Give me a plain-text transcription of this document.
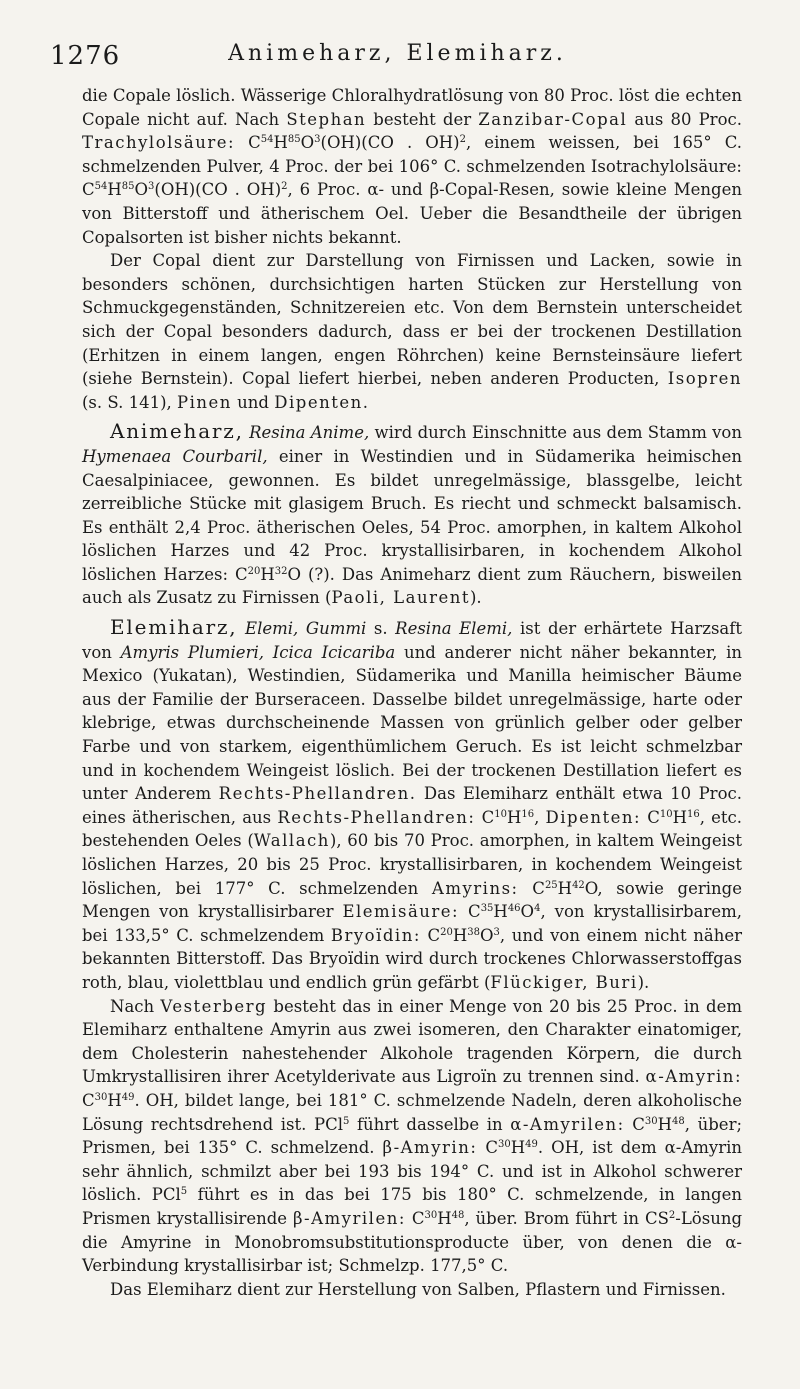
1276	Animeharz, Elemiharz.

die Copale löslich. Wässerige Chloralhydratlösung von 80 Proc. löst die echten Copale nicht auf. Nach Stephan besteht der Zanzibar-Copal aus 80 Proc. Trachylolsäure: $C^{54}H^{85}O^3(OH)(CO$ . OH)$^2$, einem weissen, bei 165° C. schmelzenden Pulver, 4 Proc. der bei 106° C. schmelzenden Isotrachylolsäure: $C^{54}H^{85}O^3(OH)(CO$ . OH)$^2$, 6 Proc. α- und β-Copal-Resen, sowie kleine Mengen von Bitterstoff und ätherischem Oel. Ueber die Besandtheile der übrigen Copalsorten ist bisher nichts bekannt.

Der Copal dient zur Darstellung von Firnissen und Lacken, sowie in besonders schönen, durchsichtigen harten Stücken zur Herstellung von Schmuckgegenständen, Schnitzereien etc. Von dem Bernstein unterscheidet sich der Copal besonders dadurch, dass er bei der trockenen Destillation (Erhitzen in einem langen, engen Röhrchen) keine Bernsteinsäure liefert (siehe Bernstein). Copal liefert hierbei, neben anderen Producten, Isopren (s. S. 141), Pinen und Dipenten.

Animeharz, Resina Anime, wird durch Einschnitte aus dem Stamm von Hymenaea Courbaril, einer in Westindien und in Südamerika heimischen Caesalpiniacee, gewonnen. Es bildet unregelmässige, blassgelbe, leicht zerreibliche Stücke mit glasigem Bruch. Es riecht und schmeckt balsamisch. Es enthält 2,4 Proc. ätherischen Oeles, 54 Proc. amorphen, in kaltem Alkohol löslichen Harzes und 42 Proc. krystallisirbaren, in kochendem Alkohol löslichen Harzes: $C^{20}H^{32}O$ (?). Das Animeharz dient zum Räuchern, bisweilen auch als Zusatz zu Firnissen (Paoli, Laurent).

Elemiharz, Elemi, Gummi s. Resina Elemi, ist der erhärtete Harzsaft von Amyris Plumieri, Icica Icicariba und anderer nicht näher bekannter, in Mexico (Yukatan), Westindien, Südamerika und Manilla heimischer Bäume aus der Familie der Burseraceen. Dasselbe bildet unregelmässige, harte oder klebrige, etwas durchscheinende Massen von grünlich gelber oder gelber Farbe und von starkem, eigenthümlichem Geruch. Es ist leicht schmelzbar und in kochendem Weingeist löslich. Bei der trockenen Destillation liefert es unter Anderem Rechts-Phellandren. Das Elemiharz enthält etwa 10 Proc. eines ätherischen, aus Rechts-Phellandren: $C^{10}H^{16}$, Dipenten: $C^{10}H^{16}$, etc. bestehenden Oeles (Wallach), 60 bis 70 Proc. amorphen, in kaltem Weingeist löslichen Harzes, 20 bis 25 Proc. krystallisirbaren, in kochendem Weingeist löslichen, bei 177° C. schmelzenden Amyrins: $C^{25}H^{42}O$, sowie geringe Mengen von krystallisirbarer Elemisäure: $C^{35}H^{46}O^4$, von krystallisirbarem, bei 133,5° C. schmelzendem Bryoïdin: $C^{20}H^{38}O^3$, und von einem nicht näher bekannten Bitterstoff. Das Bryoïdin wird durch trockenes Chlorwasserstoffgas roth, blau, violettblau und endlich grün gefärbt (Flückiger, Buri).

Nach Vesterberg besteht das in einer Menge von 20 bis 25 Proc. in dem Elemiharz enthaltene Amyrin aus zwei isomeren, den Charakter einatomiger, dem Cholesterin nahestehender Alkohole tragenden Körpern, die durch Umkrystallisiren ihrer Acetylderivate aus Ligroïn zu trennen sind. α-Amyrin: $C^{30}H^{49}$. OH, bildet lange, bei 181° C. schmelzende Nadeln, deren alkoholische Lösung rechtsdrehend ist. PCl$^5$ führt dasselbe in α-Amyrilen: $C^{30}H^{48}$, über; Prismen, bei 135° C. schmelzend. β-Amyrin: $C^{30}H^{49}$. OH, ist dem α-Amyrin sehr ähnlich, schmilzt aber bei 193 bis 194° C. und ist in Alkohol schwerer löslich. PCl$^5$ führt es in das bei 175 bis 180° C. schmelzende, in langen Prismen krystallisirende β-Amyrilen: $C^{30}H^{48}$, über. Brom führt in $CS^2$-Lösung die Amyrine in Monobromsubstitutionsproducte über, von denen die α-Verbindung krystallisirbar ist; Schmelzp. 177,5° C.

Das Elemiharz dient zur Herstellung von Salben, Pflastern und Firnissen.
